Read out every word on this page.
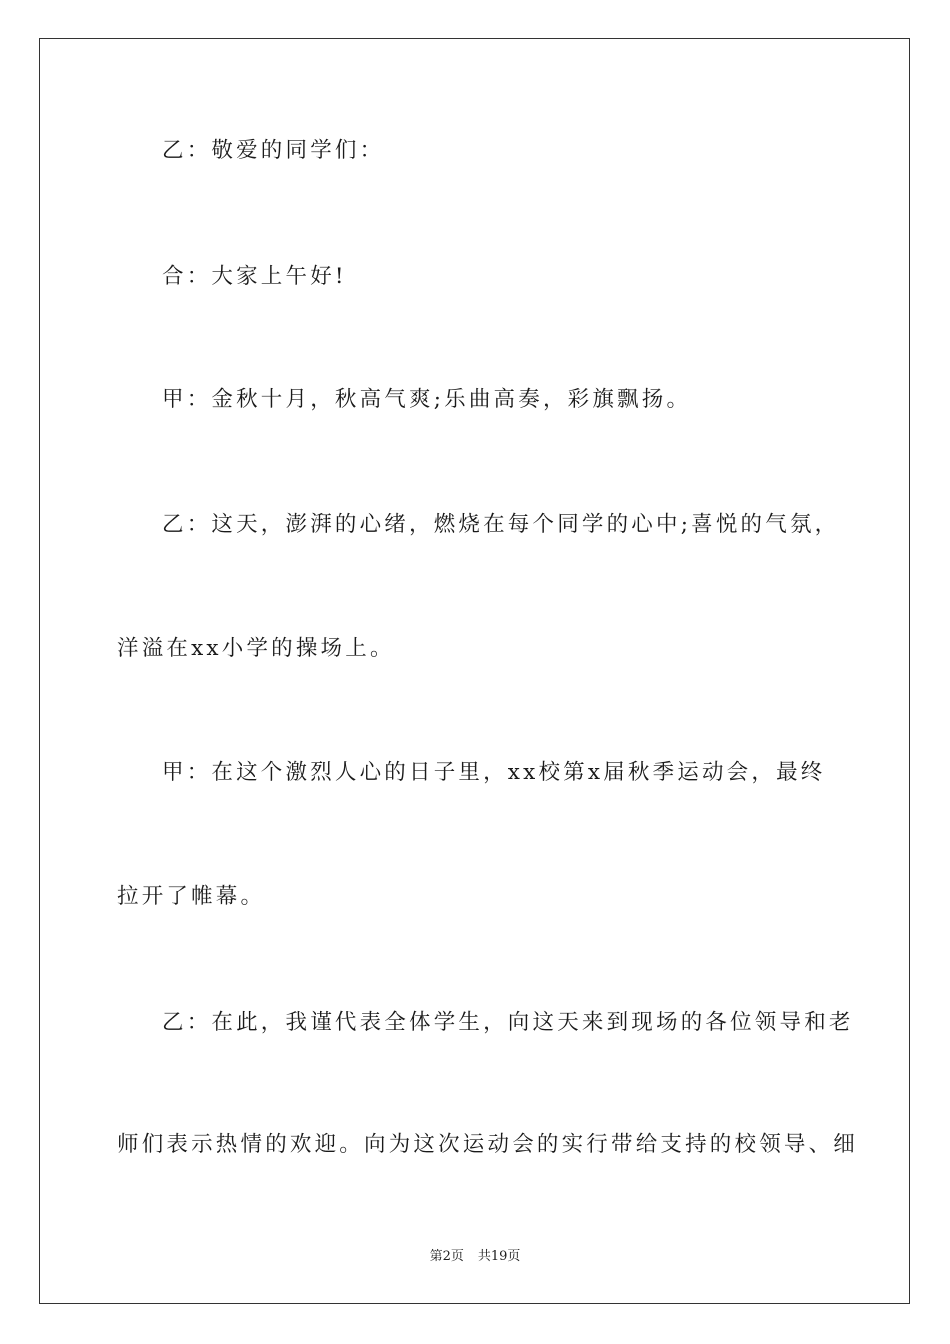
乙：敬爱的同学们：
合：大家上午好!
甲：金秋十月，秋高气爽;乐曲高奏，彩旗飘扬。
乙：这天，澎湃的心绪，燃烧在每个同学的心中;喜悦的气氛，
洋溢在xx小学的操场上。
甲：在这个激烈人心的日子里，xx校第x届秋季运动会，最终
拉开了帷幕。
乙：在此，我谨代表全体学生，向这天来到现场的各位领导和老
师们表示热情的欢迎。向为这次运动会的实行带给支持的校领导、细
第2页 共19页
